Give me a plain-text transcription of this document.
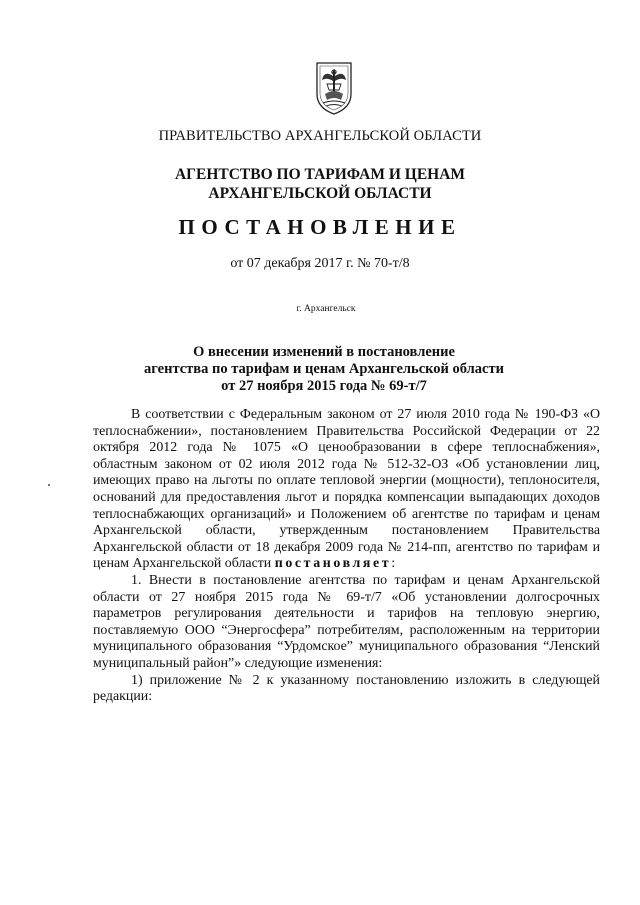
ПРАВИТЕЛЬСТВО АРХАНГЕЛЬСКОЙ ОБЛАСТИ
АГЕНТСТВО ПО ТАРИФАМ И ЦЕНАМ
АРХАНГЕЛЬСКОЙ ОБЛАСТИ
ПОСТАНОВЛЕНИЕ
от 07 декабря 2017 г. № 70-т/8
г. Архангельск
О внесении изменений в постановление
агентства по тарифам и ценам Архангельской области
от 27 ноября 2015 года № 69-т/7

В соответствии с Федеральным законом от 27 июля 2010 года № 190-ФЗ «О теплоснабжении», постановлением Правительства Российской Федерации от 22 октября 2012 года № 1075 «О ценообразовании в сфере теплоснабжения», областным законом от 02 июля 2012 года № 512-32-ОЗ «Об установлении лиц, имеющих право на льготы по оплате тепловой энергии (мощности), теплоносителя, оснований для предоставления льгот и порядка компенсации выпадающих доходов теплоснабжающих организаций» и Положением об агентстве по тарифам и ценам Архангельской области, утвержденным постановлением Правительства Архангельской области от 18 декабря 2009 года № 214-пп, агентство по тарифам и ценам Архангельской области постановляет:

1. Внести в постановление агентства по тарифам и ценам Архангельской области от 27 ноября 2015 года № 69-т/7 «Об установлении долгосрочных параметров регулирования деятельности и тарифов на тепловую энергию, поставляемую ООО “Энергосфера” потребителям, расположенным на территории муниципального образования “Урдомское” муниципального образования “Ленский муниципальный район”» следующие изменения:

1) приложение № 2 к указанному постановлению изложить в следующей редакции:
